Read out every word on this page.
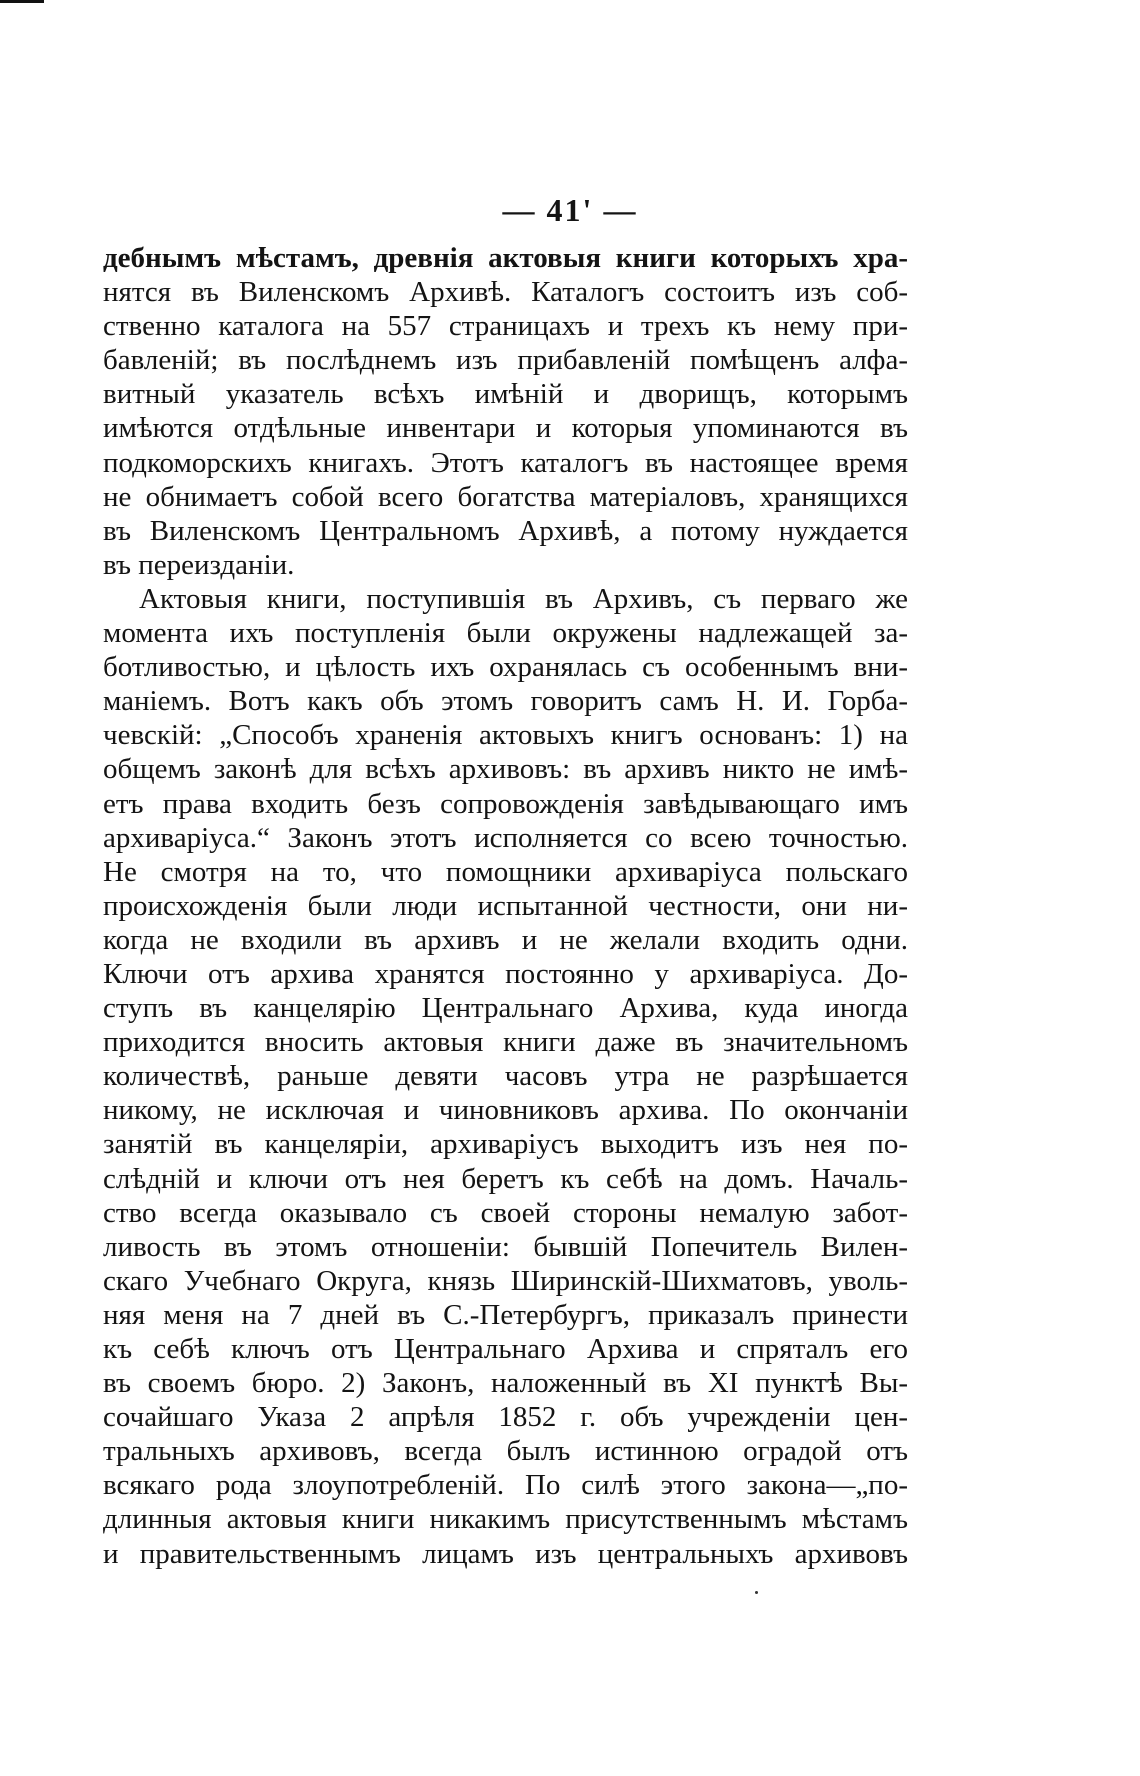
— 41' —
дебнымъ мѣстамъ, древнія актовыя книги которыхъ хра-
нятся въ Виленскомъ Архивѣ. Каталогъ состоитъ изъ соб-
ственно каталога на 557 страницахъ и трехъ къ нему при-
бавленій; въ послѣднемъ изъ прибавленій помѣщенъ алфа-
витный указатель всѣхъ имѣній и дворищъ, которымъ
имѣются отдѣльные инвентари и которыя упоминаются въ
подкоморскихъ книгахъ. Этотъ каталогъ въ настоящее время
не обнимаетъ собой всего богатства матеріаловъ, хранящихся
въ Виленскомъ Центральномъ Архивѣ, а потому нуждается
въ переизданіи.
Актовыя книги, поступившія въ Архивъ, съ перваго же
момента ихъ поступленія были окружены надлежащей за-
ботливостью, и цѣлость ихъ охранялась съ особеннымъ вни-
маніемъ. Вотъ какъ объ этомъ говоритъ самъ Н. И. Горба-
чевскій: „Способъ храненія актовыхъ книгъ основанъ: 1) на
общемъ законѣ для всѣхъ архивовъ: въ архивъ никто не имѣ-
етъ права входить безъ сопровожденія завѣдывающаго имъ
архиваріуса.“ Законъ этотъ исполняется со всею точностью.
Не смотря на то, что помощники архиваріуса польскаго
происхожденія были люди испытанной честности, они ни-
когда не входили въ архивъ и не желали входить одни.
Ключи отъ архива хранятся постоянно у архиваріуса. До-
ступъ въ канцелярію Центральнаго Архива, куда иногда
приходится вносить актовыя книги даже въ значительномъ
количествѣ, раньше девяти часовъ утра не разрѣшается
никому, не исключая и чиновниковъ архива. По окончаніи
занятій въ канцеляріи, архиваріусъ выходитъ изъ нея по-
слѣдній и ключи отъ нея беретъ къ себѣ на домъ. Началь-
ство всегда оказывало съ своей стороны немалую забот-
ливость въ этомъ отношеніи: бывшій Попечитель Вилен-
скаго Учебнаго Округа, князь Ширинскій-Шихматовъ, уволь-
няя меня на 7 дней въ С.-Петербургъ, приказалъ принести
къ себѣ ключъ отъ Центральнаго Архива и спряталъ его
въ своемъ бюро. 2) Законъ, наложенный въ XI пунктѣ Вы-
сочайшаго Указа 2 апрѣля 1852 г. объ учрежденіи цен-
тральныхъ архивовъ, всегда былъ истинною оградой отъ
всякаго рода злоупотребленій. По силѣ этого закона—„по-
длинныя актовыя книги никакимъ присутственнымъ мѣстамъ
и правительственнымъ лицамъ изъ центральныхъ архивовъ
